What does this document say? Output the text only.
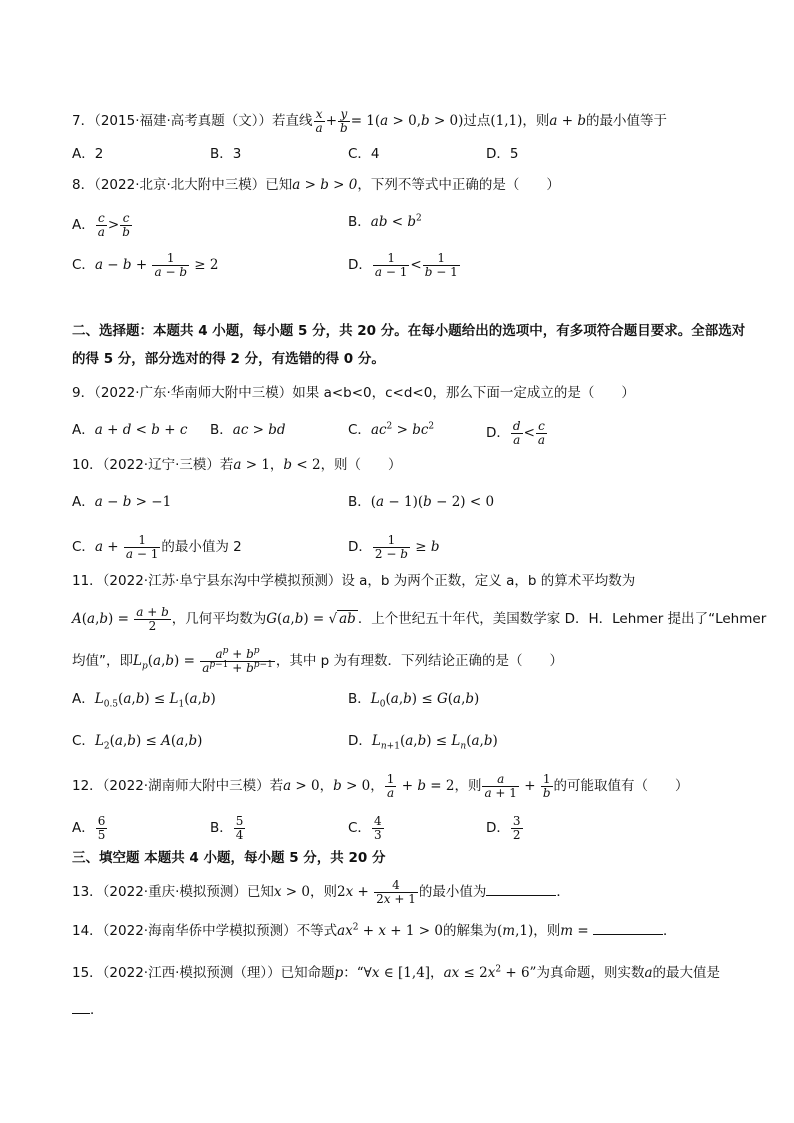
7．（2015·福建·高考真题（文））若直线 $\frac{x}{a} + \frac{y}{b} = 1(a > 0,b > 0)$过点(1,1)，则a + b的最小值等于
A．2	B．3	C．4	D．5
8．（2022·北京·北大附中三模）已知a > b > 0，下列不等式中正确的是（　　）
A． $\frac{c}{a} > \frac{c}{b}$	B．ab < $b^2$
C．$a - b + \frac{1}{a - b} \ge 2$	D． $\frac{1}{a - 1} < \frac{1}{b - 1}$
二、选择题：本题共 4 小题，每小题 5 分，共 20 分。在每小题给出的选项中，有多项符合题目要求。全部选对
的得 5 分，部分选对的得 2 分，有选错的得 0 分。
9．（2022·广东·华南师大附中三模）如果 a<b<0，c<d<0，那么下面一定成立的是（　　）
A．a + d < b + c B．ac > bd	C．$ac^2 > bc^2$	D． $\frac{d}{a} < \frac{c}{a}$
10．（2022·辽宁·三模）若a > 1，b < 2，则（　　）
A．a − b > −1	B．(a − 1)(b − 2) < 0
C．$a + \frac{1}{a - 1}$ 的最小值为 2	D． $\frac{1}{2 - b} \ge b$
11．（2022·江苏·阜宁县东沟中学模拟预测）设 a，b 为两个正数，定义 a，b 的算术平均数为
$A(a,b) = \frac{a + b}{2}$ ，几何平均数为G(a,b) = √ ab ．上个世纪五十年代，美国数学家 D．H．Lehmer 提出了“Lehmer
均值”，即$L_p(a,b) = \frac{a^p + b^p}{a^{p-1} + b^{p-1}}$ ，其中 p 为有理数．下列结论正确的是（　　）
A．$L_{0.5}(a,b) \le L_1(a,b)$	B．$L_0(a,b) \le G(a,b)$
C．$L_2(a,b) \le A(a,b)$	D．$L_{n+1}(a,b) \le L_n(a,b)$
12．（2022·湖南师大附中三模）若a > 0，b > 0， $\frac{1}{a} + b = 2$，则 $\frac{a}{a + 1} + \frac{1}{b}$ 的可能取值有（　　）
A． $\frac{6}{5}$	B． $\frac{5}{4}$	C． $\frac{4}{3}$	D． $\frac{3}{2}$
三、填空题 本题共 4 小题，每小题 5 分，共 20 分
13．（2022·重庆·模拟预测）已知x > 0，则$2x + \frac{4}{2x + 1}$ 的最小值为	．
14．（2022·海南华侨中学模拟预测）不等式$ax^2 + x + 1 > 0$的解集为(m,1)，则m =	．
15．（2022·江西·模拟预测（理））已知命题p：“∀x ∈ [1,4]，ax ≤ $2x^2 + 6$”为真命题，则实数a的最大值是
．
